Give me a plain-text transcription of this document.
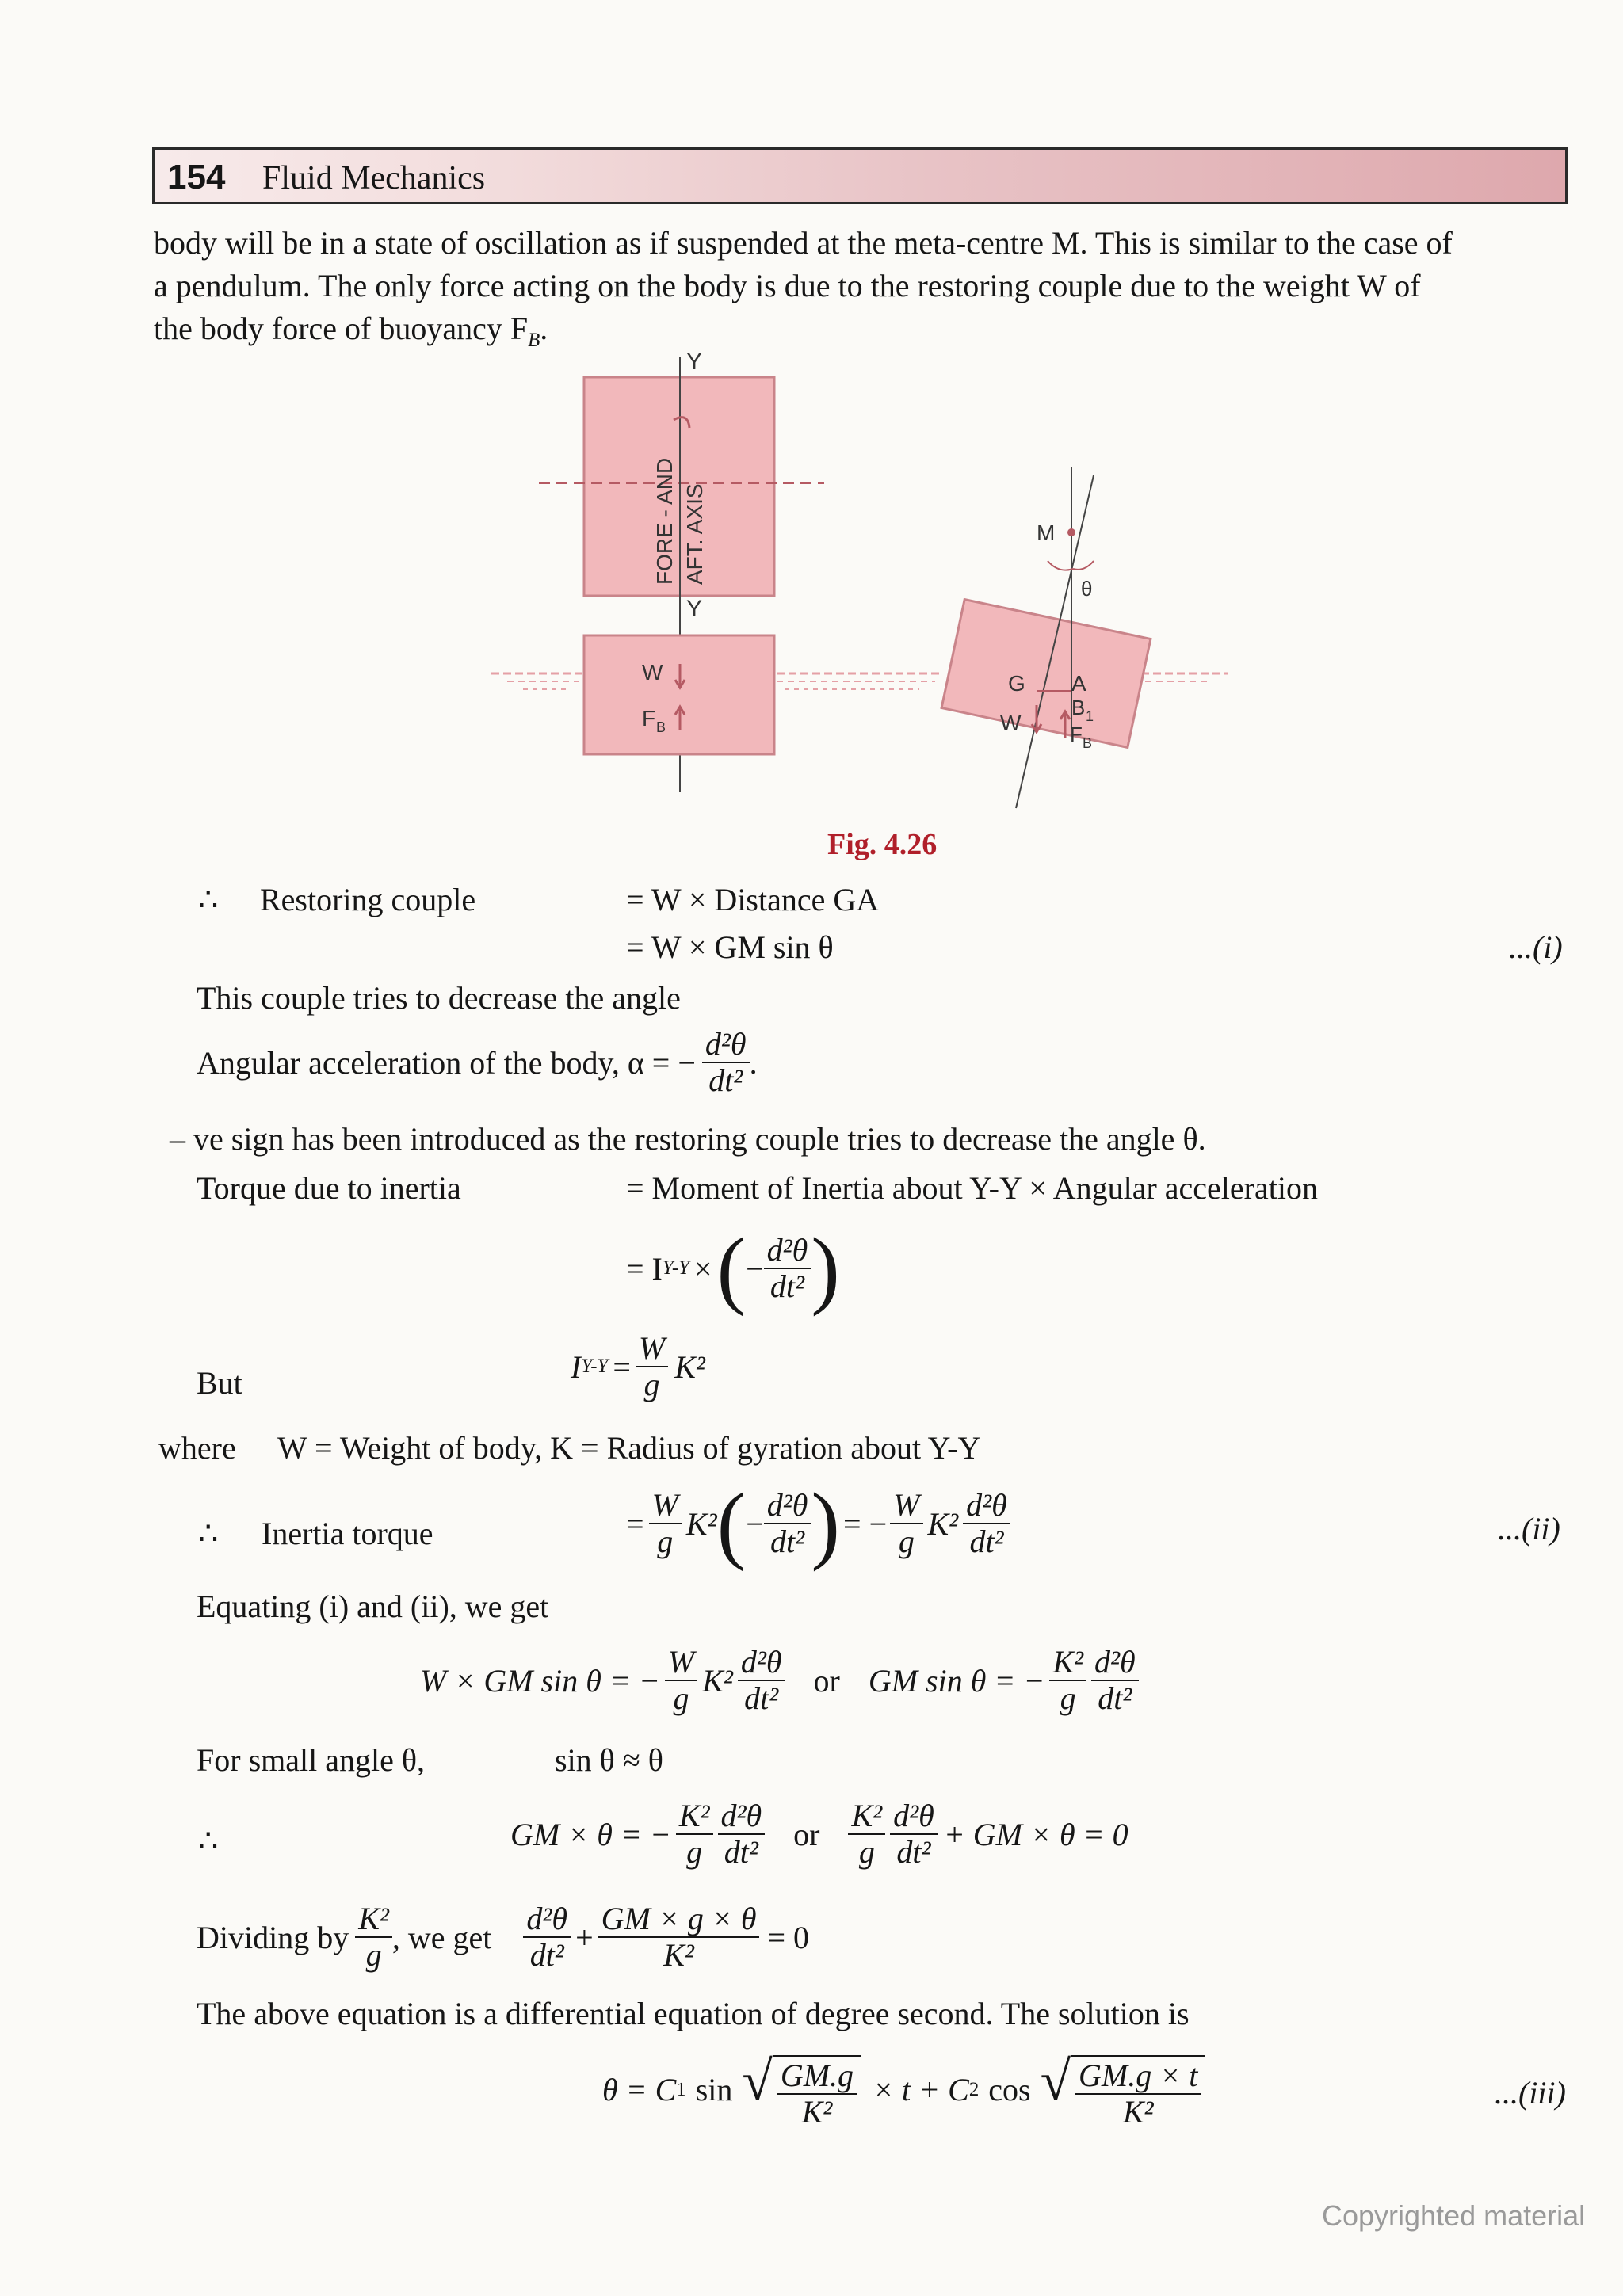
154 Fluid Mechanics
body will be in a state of oscillation as if suspended at the meta-centre M. This is similar to the case of
a pendulum. The only force acting on the body is due to the restoring couple due to the weight W of
the body force of buoyancy $F_B$.
Y
Y
FORE - AND AFT. AXIS
W
F B
M
θ
G A
B 1
W F B
Fig. 4.26
∴ Restoring couple	= W × Distance GA
= W × GM sin θ	...(i)
This couple tries to decrease the angle
Angular acceleration of the body, α = − $\frac{\text{d²θ}}{\text{dt²}}$ .
– ve sign has been introduced as the restoring couple tries to decrease the angle θ.
Torque due to inertia	= Moment of Inertia about Y-Y × Angular acceleration
= I Y-Y × ( − $\frac{\text{d²θ}}{\text{dt²}}$ )
But	I $Y-Y = \frac{W}{g} K^2$
where W = Weight of body, K = Radius of gyration about Y-Y
∴ Inertia torque	= $\frac{W}{g} K^2$ ( − $\frac{\text{d²θ}}{\text{dt²}}$ ) = − $\frac{W}{g} K^2 \frac{\text{d²θ}}{\text{dt²}}$	...(ii)
Equating (i) and (ii), we get
W × GM sin θ = − $\frac{W}{g} K^2 \frac{\text{d²θ}}{\text{dt²}}$ or GM sin θ = − $\frac{\text{K²}}{g} \frac{\text{d²θ}}{\text{dt²}}$
For small angle θ,	sin θ ≈ θ
∴	GM × θ = − $\frac{\text{K²}}{g} \frac{\text{d²θ}}{\text{dt²}}$ or $\frac{\text{K²}}{g} \frac{\text{d²θ}}{\text{dt²}}$ + GM × θ = 0
Dividing by $\frac{\text{K²}}{g}$ , we get $\frac{\text{d²θ}}{\text{dt²}} + \frac{GM \times g \times \theta}{\text{K²}} = 0$
The above equation is a differential equation of degree second. The solution is
θ = C 1 sin √ $\frac{GM.g}{\text{K²}} \times t + C$ 2 cos √ $\frac{GM.g \times t}{\text{K²}}$	...(iii)
Copyrighted material
